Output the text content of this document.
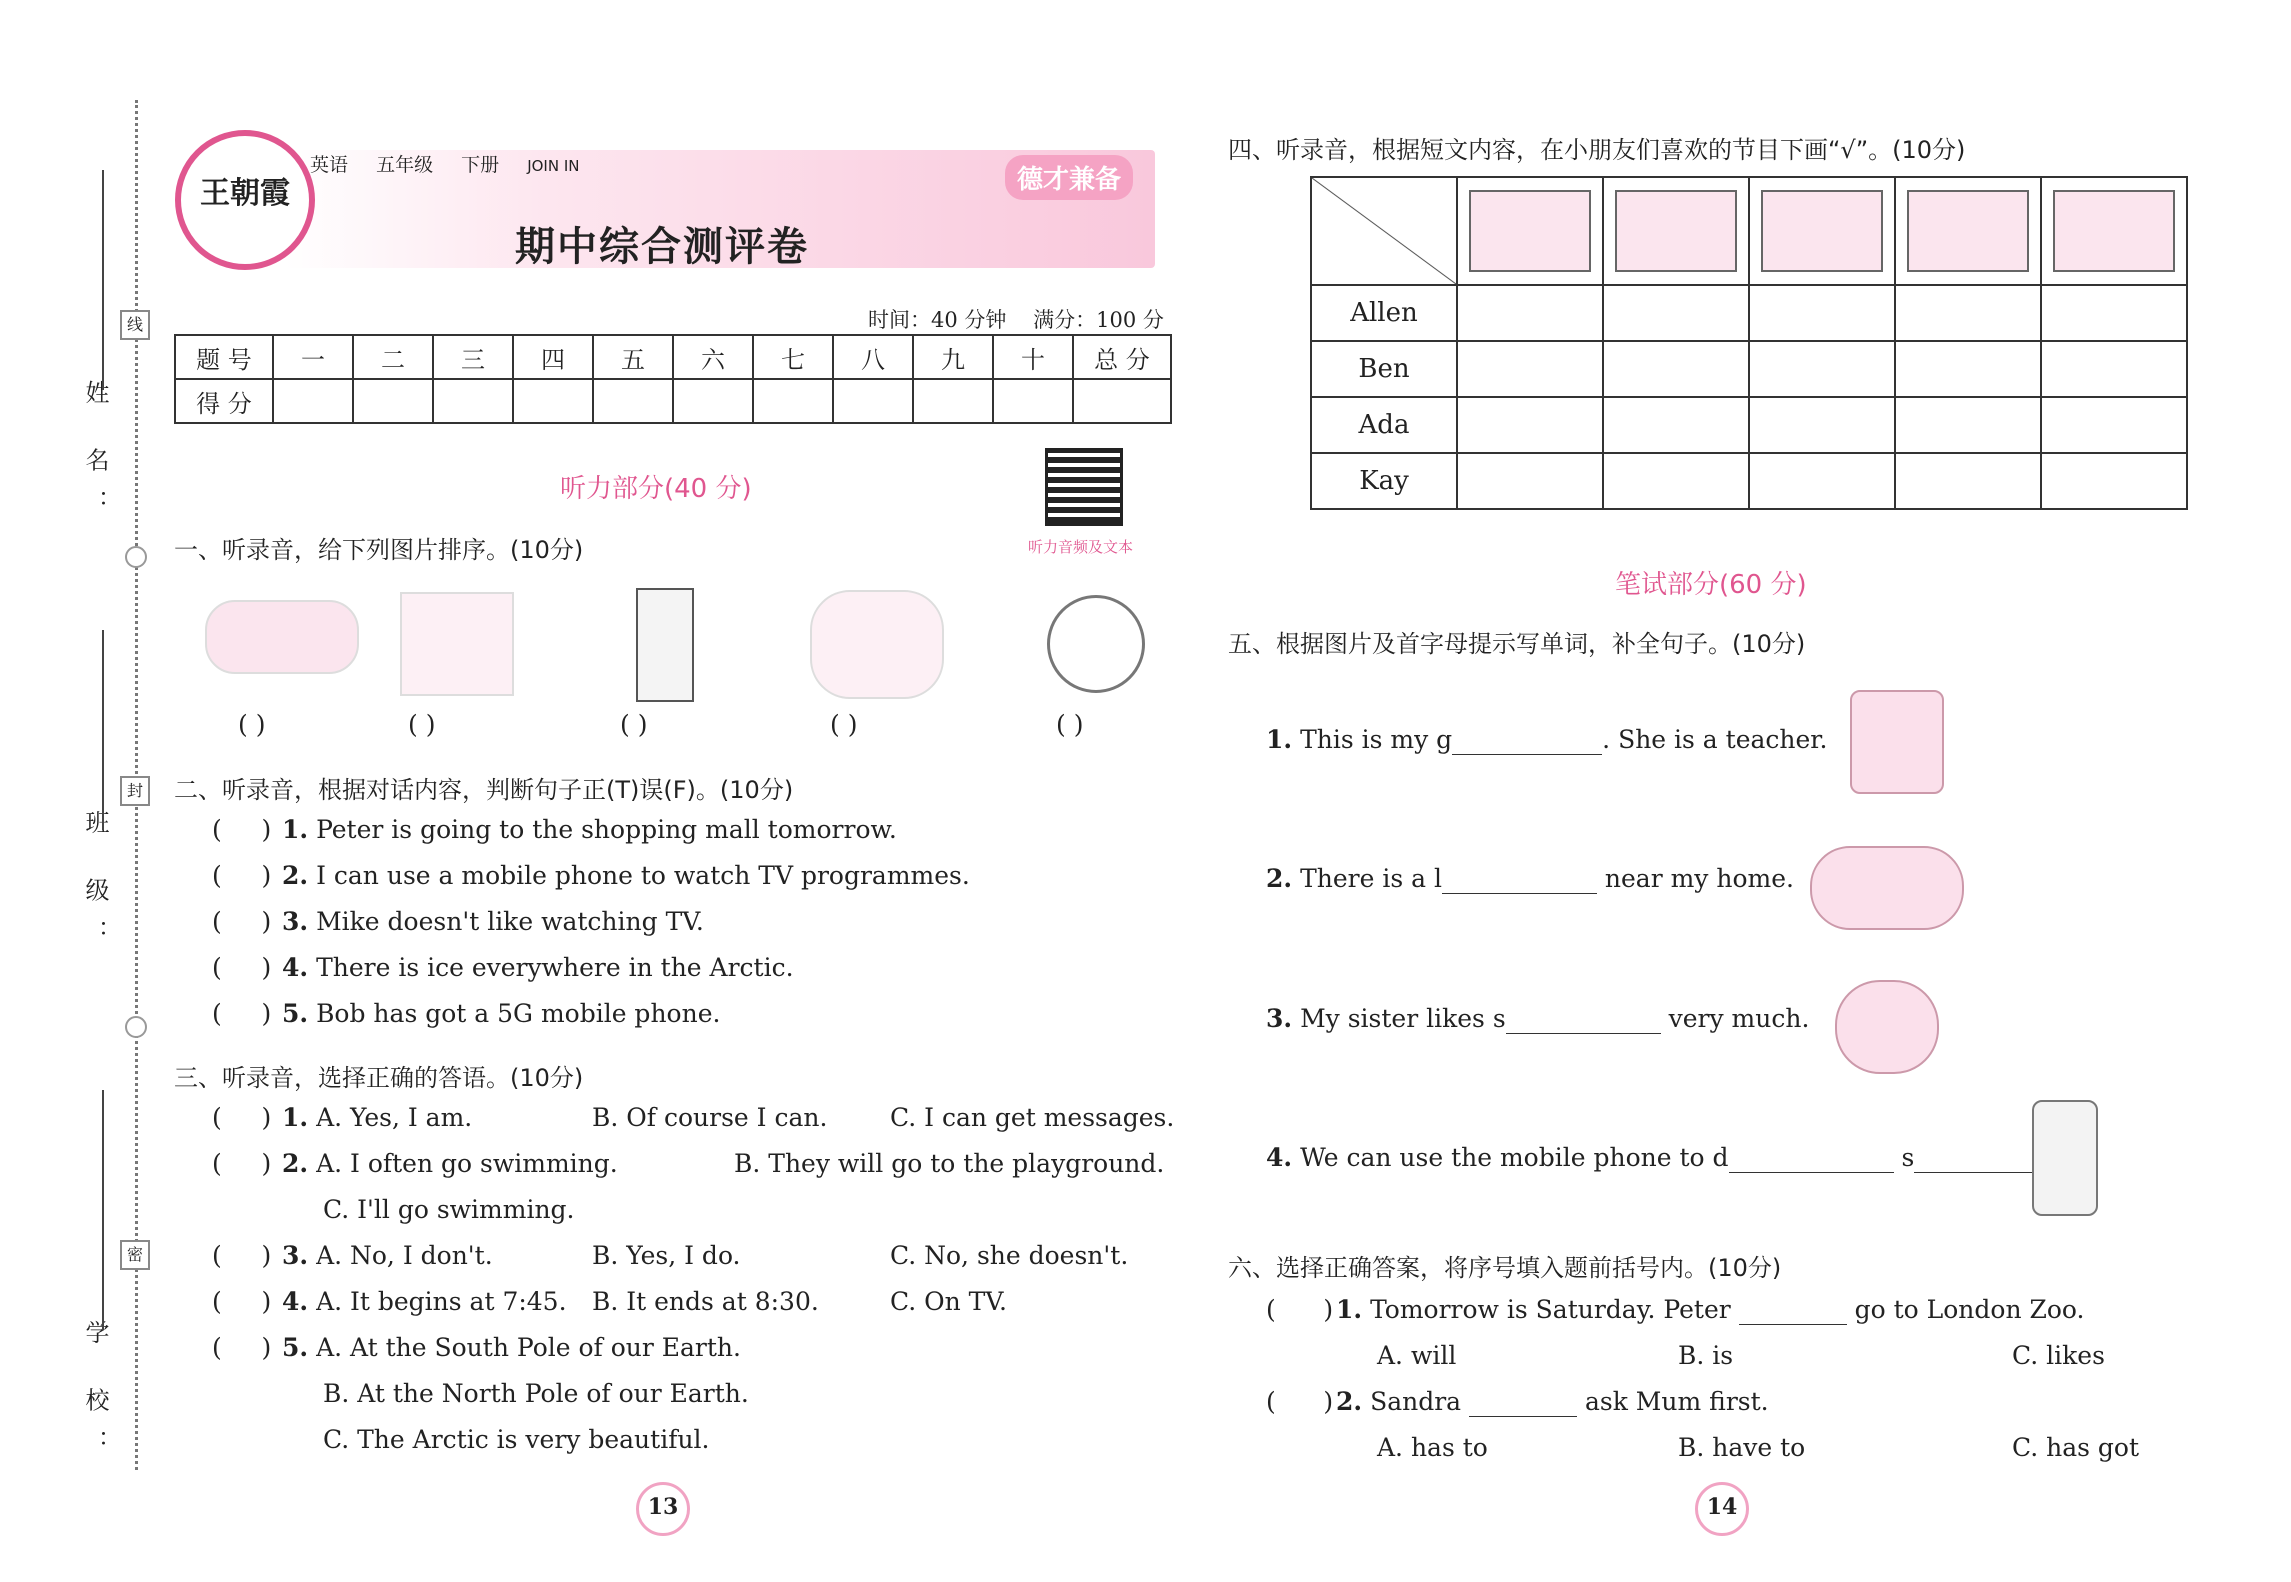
姓 名：
班 级：
学 校：
线
封
密
王朝霞
英语 五年级 下册 JOIN IN
期中综合测评卷
德才兼备
时间：40 分钟 满分：100 分
题 号	一	二	三	四	五	六	七	八	九	十	总 分
得 分											
听力部分(40 分)
听力音频及文本
一、听录音，给下列图片排序。(10分)
( )	( )	( )	( )	( )
二、听录音，根据对话内容，判断句子正(T)误(F)。(10分)
(     ) 1. Peter is going to the shopping mall tomorrow.
(     ) 2. I can use a mobile phone to watch TV programmes.
(     ) 3. Mike doesn't like watching TV.
(     ) 4. There is ice everywhere in the Arctic.
(     ) 5. Bob has got a 5G mobile phone.
三、听录音，选择正确的答语。(10分)
(     ) 1. A. Yes, I am.	B. Of course I can.	C. I can get messages.
(     ) 2. A. I often go swimming.	B. They will go to the playground.
C. I'll go swimming.
(     ) 3. A. No, I don't.	B. Yes, I do.	C. No, she doesn't.
(     ) 4. A. It begins at 7:45. B. It ends at 8:30.	C. On TV.
(     ) 5. A. At the South Pole of our Earth.
B. At the North Pole of our Earth.
C. The Arctic is very beautiful.
13
四、听录音，根据短文内容，在小朋友们喜欢的节目下画“√”。(10分)

Allen					
Ben					
Ada					
Kay					
笔试部分(60 分)
五、根据图片及首字母提示写单词，补全句子。(10分)
1. This is my g	. She is a teacher.
2. There is a l	near my home.
3. My sister likes s	very much.
4. We can use the mobile phone to d	s
六、选择正确答案，将序号填入题前括号内。(10分)
(      ) 1. Tomorrow is Saturday. Peter	go to London Zoo.
A. will	B. is	C. likes
(      ) 2. Sandra	ask Mum first.
A. has to	B. have to	C. has got
14
